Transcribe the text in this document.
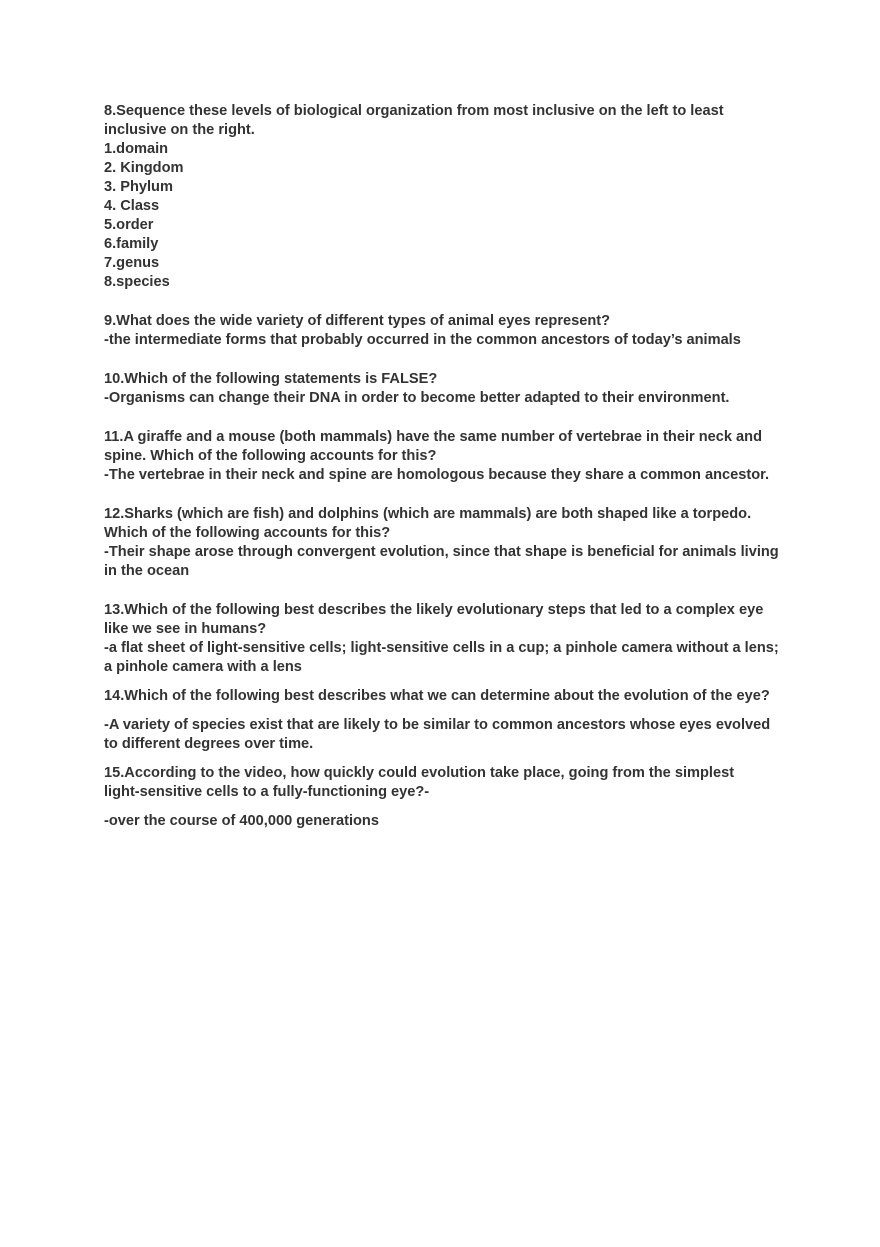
8.Sequence these levels of biological organization from most inclusive on the left to least
inclusive on the right.
1.domain
2. Kingdom
3. Phylum
4. Class
5.order
6.family
7.genus
8.species
9.What does the wide variety of different types of animal eyes represent?
-the intermediate forms that probably occurred in the common ancestors of today’s animals
10.Which of the following statements is FALSE?
-Organisms can change their DNA in order to become better adapted to their environment.
11.A giraffe and a mouse (both mammals) have the same number of vertebrae in their neck and
spine. Which of the following accounts for this?
-The vertebrae in their neck and spine are homologous because they share a common ancestor.
12.Sharks (which are fish) and dolphins (which are mammals) are both shaped like a torpedo.
Which of the following accounts for this?
-Their shape arose through convergent evolution, since that shape is beneficial for animals living
in the ocean
13.Which of the following best describes the likely evolutionary steps that led to a complex eye
like we see in humans?
-a flat sheet of light-sensitive cells; light-sensitive cells in a cup; a pinhole camera without a lens;
a pinhole camera with a lens
14.Which of the following best describes what we can determine about the evolution of the eye?
-A variety of species exist that are likely to be similar to common ancestors whose eyes evolved
to different degrees over time.
15.According to the video, how quickly could evolution take place, going from the simplest
light-sensitive cells to a fully-functioning eye?-
-over the course of 400,000 generations
